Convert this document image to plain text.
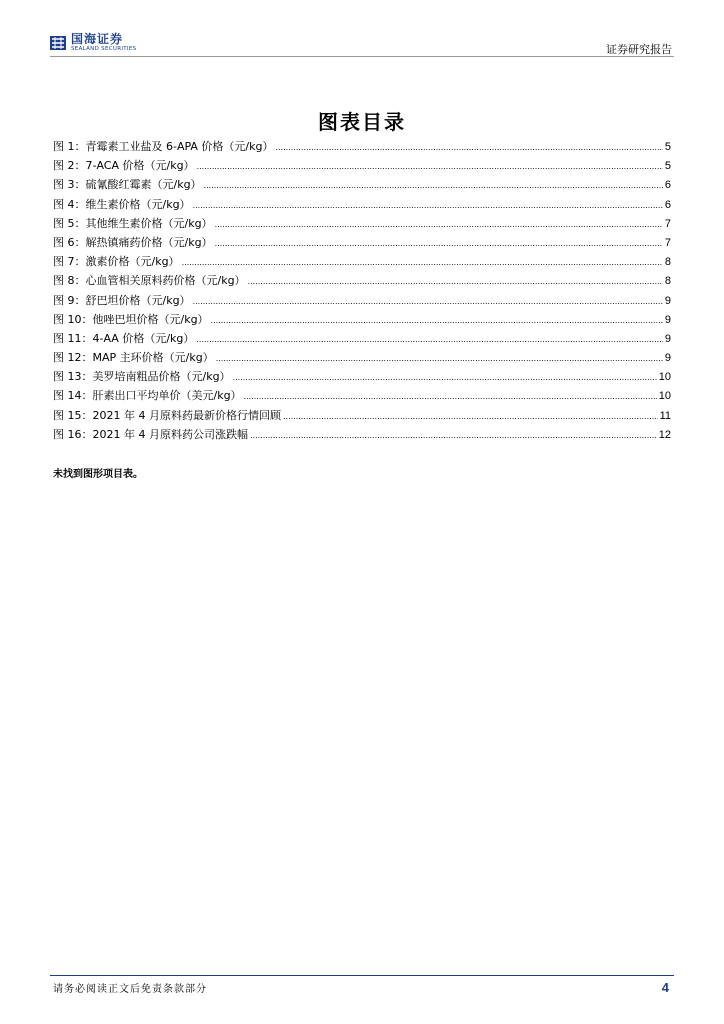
国海证券
SEALAND SECURITIES	证券研究报告
图表目录
图 1：青霉素工业盐及 6-APA 价格（元/kg） .....	5
图 2：7-ACA 价格（元/kg） .....	5
图 3：硫氰酸红霉素（元/kg） .....	6
图 4：维生素价格（元/kg） .....	6
图 5：其他维生素价格（元/kg） .....	7
图 6：解热镇痛药价格（元/kg） .....	7
图 7：激素价格（元/kg） .....	8
图 8：心血管相关原料药价格（元/kg） .....	8
图 9：舒巴坦价格（元/kg） .....	9
图 10：他唑巴坦价格（元/kg） .....	9
图 11：4-AA 价格（元/kg） .....	9
图 12：MAP 主环价格（元/kg） .....	9
图 13：美罗培南粗品价格（元/kg） .....	10
图 14：肝素出口平均单价（美元/kg） .....	10
图 15：2021 年 4 月原料药最新价格行情回顾 .....	11
图 16：2021 年 4 月原料药公司涨跌幅 .....	12
未找到图形项目表。
请务必阅读正文后免责条款部分	4
